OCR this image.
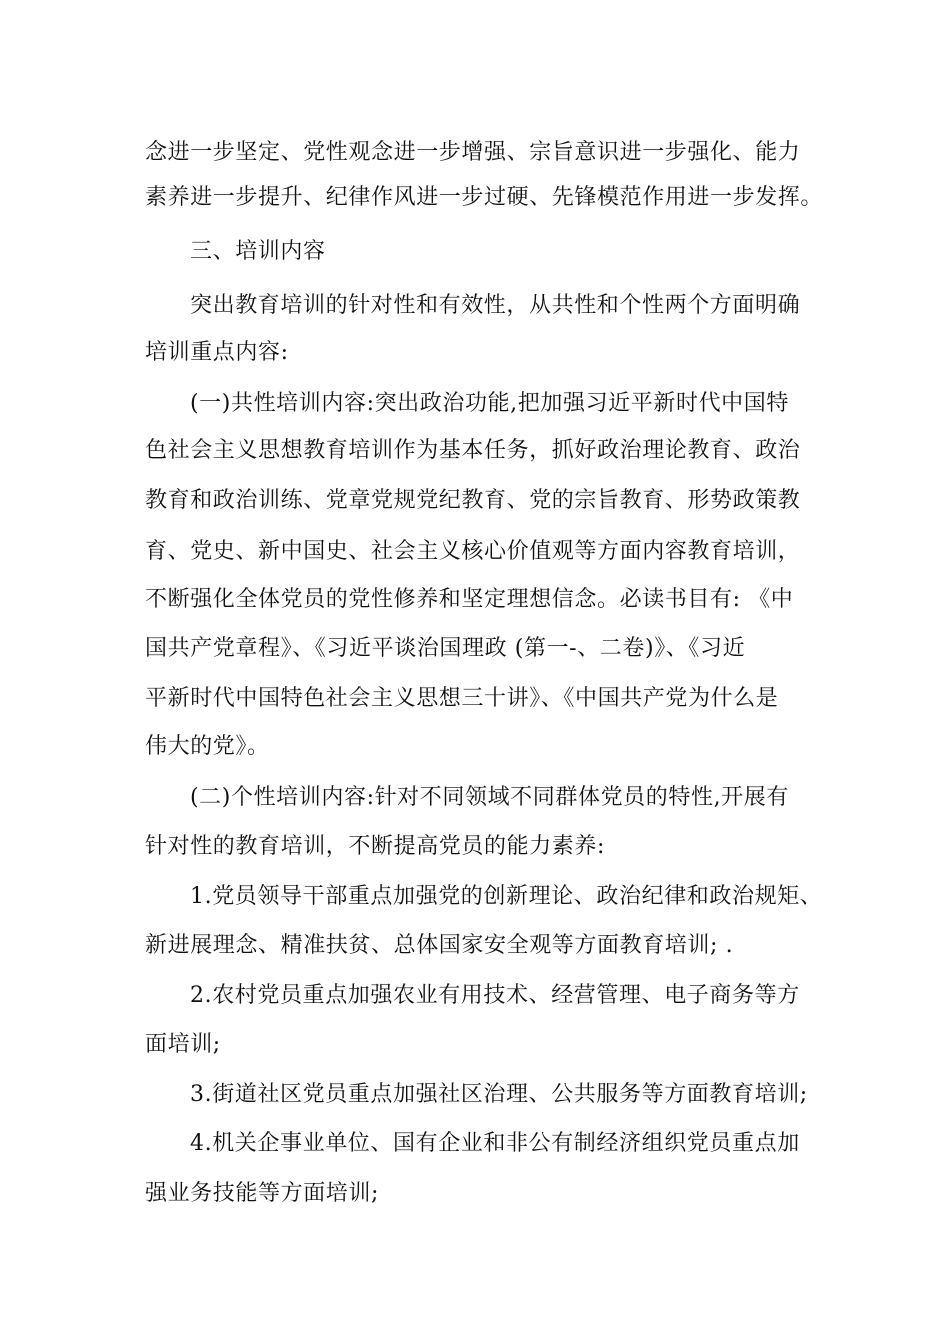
念进一步坚定、党性观念进一步增强、宗旨意识进一步强化、能力
素养进一步提升、纪律作风进一步过硬、先锋模范作用进一步发挥。
三、培训内容
突出教育培训的针对性和有效性，从共性和个性两个方面明确
培训重点内容:
(一)共性培训内容:突出政治功能,把加强习近平新时代中国特
色社会主义思想教育培训作为基本任务，抓好政治理论教育、政治
教育和政治训练、党章党规党纪教育、党的宗旨教育、形势政策教
育、党史、新中国史、社会主义核心价值观等方面内容教育培训，
不断强化全体党员的党性修养和坚定理想信念。必读书目有: 《中
国共产党章程》、《习近平谈治国理政 (第一-、二卷)》、《习近
平新时代中国特色社会主义思想三十讲》、《中国共产党为什么是
伟大的党》。
(二)个性培训内容:针对不同领域不同群体党员的特性,开展有
针对性的教育培训，不断提高党员的能力素养:
1.党员领导干部重点加强党的创新理论、政治纪律和政治规矩、
新进展理念、精准扶贫、总体国家安全观等方面教育培训; .
2.农村党员重点加强农业有用技术、经营管理、电子商务等方
面培训;
3.街道社区党员重点加强社区治理、公共服务等方面教育培训;
4.机关企事业单位、国有企业和非公有制经济组织党员重点加
强业务技能等方面培训;
